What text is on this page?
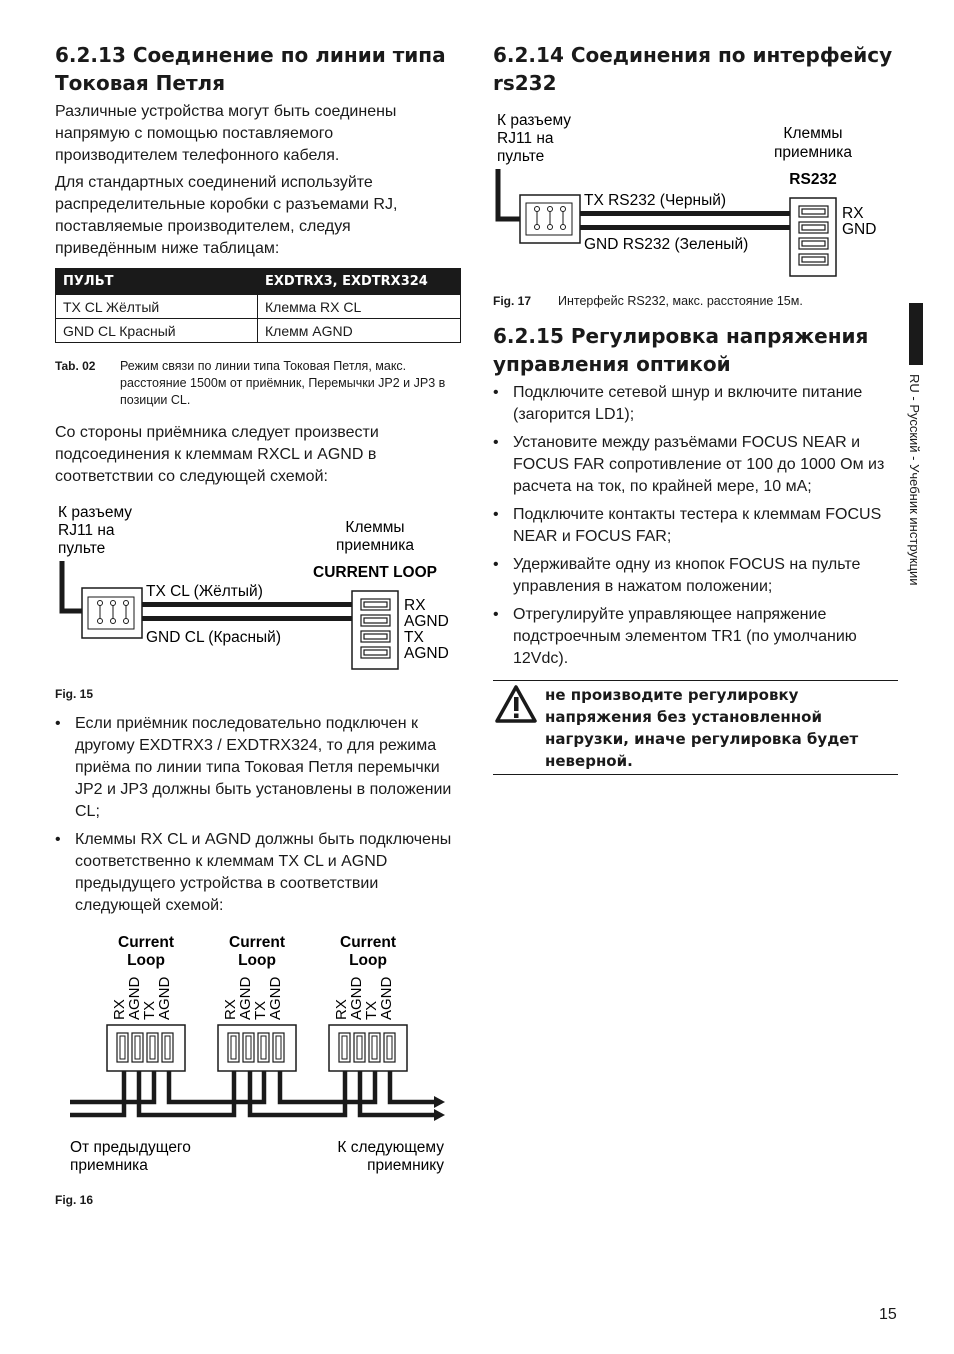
6.2.13 Соединение по линии типа Токовая Петля

Различные устройства могут быть соединены напрямую с помощью поставляемого производителем телефонного кабеля.

Для стандартных соединений используйте распределительные коробки с разъемами RJ, поставляемые производителем, следуя приведённым ниже таблицам:

ПУЛЬТ	EXDTRX3, EXDTRX324
TX CL Жёлтый	Клемма RX CL
GND CL Красный	Клемм AGND
Tab. 02 Режим связи по линии типа Токовая Петля, макс. расстояние 1500м от приёмник, Перемычки JP2 и JP3 в позиции CL.

Со стороны приёмника следует произвести подсоединения к клеммам RXCL и AGND в соответствии со следующей схемой:

К разъему
RJ11 на
пульте
Клеммы
приемника
CURRENT LOOP
TX CL (Жёлтый)
GND CL (Красный)
RX
AGND
TX
AGND
Fig. 15
• Если приёмник последовательно подключен к другому EXDTRX3 / EXDTRX324, то для режима приёма по линии типа Токовая Петля перемычки JP2 и JP3 должны быть установлены в положении CL;
• Клеммы RX CL и AGND должны быть подключены соответственно к клеммам TX CL и AGND предыдущего устройства в соответствии следующей схемой:
Current
Loop
RX
AGND
TX
AGND
Current
Loop
RX
AGND
TX
AGND
Current
Loop
RX
AGND
TX
AGND
От предыдущего
приемника
К следующему
приемнику
Fig. 16
6.2.14 Соединения по интерфейсу rs232
К разъему
RJ11 на
пульте
Клеммы
приемника
RS232
TX RS232 (Черный)
GND RS232 (Зеленый)
RX
GND
Fig. 17 Интерфейс RS232, макс. расстояние 15м.
6.2.15 Регулировка напряжения управления оптикой
• Подключите сетевой шнур и включите питание (загорится LD1);
• Установите между разъёмами FOCUS NEAR и FOCUS FAR сопротивление от 100 до 1000 Ом из расчета на ток, по крайней мере, 10 мА;
• Подключите контакты тестера к клеммам FOCUS NEAR и FOCUS FAR;
• Удерживайте одну из кнопок FOCUS на пульте управления в нажатом положении;
• Отрегулируйте управляющее напряжение подстроечным элементом TR1 (по умолчанию 12Vdc).
не производите регулировку напряжения без установленной нагрузки, иначе регулировка будет неверной.
RU - Русский - Учебник инструкции
15
